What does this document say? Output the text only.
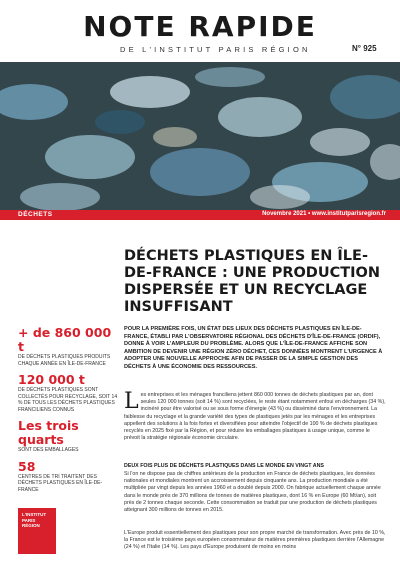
NOTE RAPIDE
DE L'INSTITUT PARIS RÉGION	N° 925
DÉCHETS	Novembre 2021 • www.institutparisregion.fr
DÉCHETS PLASTIQUES EN ÎLE-DE-FRANCE : UNE PRODUCTION DISPERSÉE ET UN RECYCLAGE INSUFFISANT
+ de 860 000 t
DE DÉCHETS PLASTIQUES PRODUITS CHAQUE ANNÉE EN ÎLE-DE-FRANCE
120 000 t
DE DÉCHETS PLASTIQUES SONT COLLECTÉS POUR RECYCLAGE, SOIT 14 % DE TOUS LES DÉCHETS PLASTIQUES FRANCILIENS CONNUS
Les trois quarts
SONT DES EMBALLAGES
58
CENTRES DE TRI TRAITENT DES DÉCHETS PLASTIQUES EN ÎLE-DE-FRANCE
L'INSTITUT
PARIS
RÉGION

POUR LA PREMIÈRE FOIS, UN ÉTAT DES LIEUX DES DÉCHETS PLASTIQUES EN ÎLE-DE-FRANCE, ÉTABLI PAR L'OBSERVATOIRE RÉGIONAL DES DÉCHETS D'ÎLE-DE-FRANCE (ORDIF), DONNE À VOIR L'AMPLEUR DU PROBLÈME. ALORS QUE L'ÎLE-DE-FRANCE AFFICHE SON AMBITION DE DEVENIR UNE RÉGION ZÉRO DÉCHET, CES DONNÉES MONTRENT L'URGENCE À ADOPTER UNE NOUVELLE APPROCHE AFIN DE PASSER DE LA SIMPLE GESTION DES DÉCHETS À UNE ÉCONOMIE DES RESSOURCES.

Les entreprises et les ménages franciliens jettent 860 000 tonnes de déchets plastiques par an, dont seules 120 000 tonnes (soit 14 %) sont recyclées, le reste étant notamment enfoui en décharges (34 %), incinéré pour être valorisé ou se sous forme d'énergie (43 %) ou disséminé dans l'environnement. La faiblesse du recyclage et la grande variété des types de plastiques jetés par les ménages et les entreprises appellent des solutions à la fois fortes et diversifiées pour atteindre l'objectif de 100 % de déchets plastiques recyclés en 2025 fixé par la Région, et pour réduire les emballages plastiques à usage unique, comme le prévoit la stratégie régionale économie circulaire.

DEUX FOIS PLUS DE DÉCHETS PLASTIQUES DANS LE MONDE EN VINGT ANS

Si l'on ne dispose pas de chiffres antérieurs de la production en France de déchets plastiques, les données nationales et mondiales montrent un accroissement depuis cinquante ans. La production mondiale a été multipliée par vingt depuis les années 1960 et a doublé depuis 2000. On fabrique actuellement chaque année dans le monde près de 370 millions de tonnes de matières plastiques, dont 16 % en Europe (60 Mt/an), soit près de 2 tonnes chaque seconde. Cette consommation se traduit par une production de déchets plastiques atteignant 300 millions de tonnes en 2015.

L'Europe produit essentiellement des plastiques pour son propre marché de transformation. Avec près de 10 %, la France est le troisième pays européen consommateur de matières premières plastiques derrière l'Allemagne (24 %) et l'Italie (14 %). Les pays d'Europe produisent de moins en moins
